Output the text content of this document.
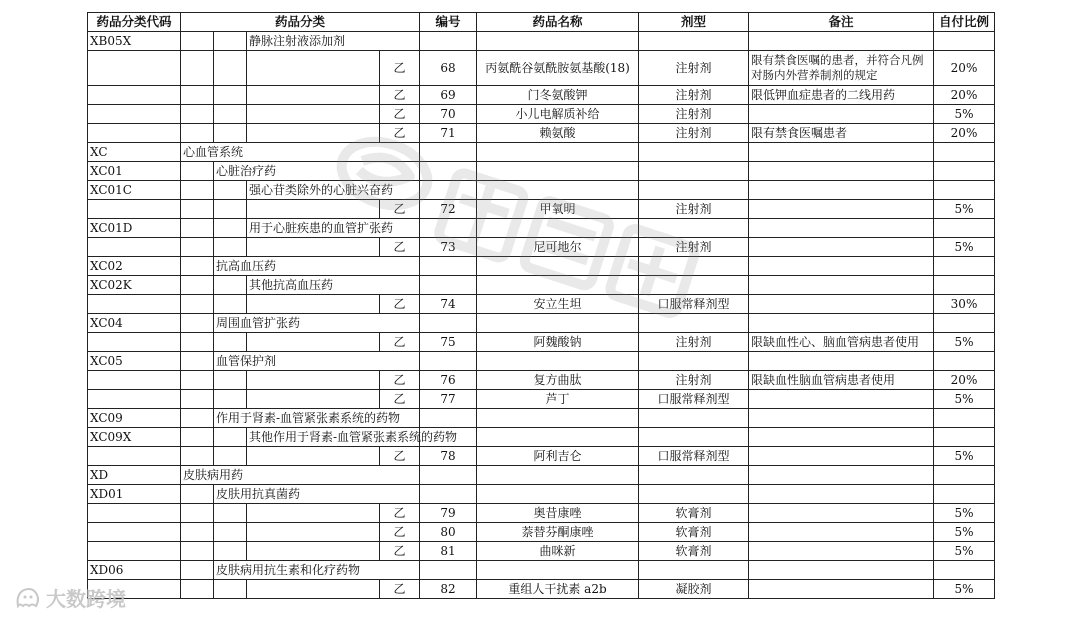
药品分类代码	药品分类				编号	药品名称	剂型	备注	自付比例
XB05X			静脉注射液添加剂						
				乙	68	丙氨酰谷氨酰胺氨基酸(18)	注射剂	限有禁食医嘱的患者，并符合凡例对肠内外营养制剂的规定	20%
				乙	69	门冬氨酸钾	注射剂	限低钾血症患者的二线用药	20%
				乙	70	小儿电解质补给	注射剂		5%
				乙	71	赖氨酸	注射剂	限有禁食医嘱患者	20%
XC	心血管系统								
XC01		心脏治疗药							
XC01C			强心苷类除外的心脏兴奋药						
				乙	72	甲氧明	注射剂		5%
XC01D			用于心脏疾患的血管扩张药						
				乙	73	尼可地尔	注射剂		5%
XC02		抗高血压药							
XC02K			其他抗高血压药						
				乙	74	安立生坦	口服常释剂型		30%
XC04		周围血管扩张药							
				乙	75	阿魏酸钠	注射剂	限缺血性心、脑血管病患者使用	5%
XC05		血管保护剂							
				乙	76	复方曲肽	注射剂	限缺血性脑血管病患者使用	20%
				乙	77	芦丁	口服常释剂型		5%
XC09		作用于肾素-血管紧张素系统的药物							
XC09X			其他作用于肾素-血管紧张素系统的药物						
				乙	78	阿利吉仑	口服常释剂型		5%
XD	皮肤病用药								
XD01		皮肤用抗真菌药							
				乙	79	奥昔康唑	软膏剂		5%
				乙	80	萘替芬酮康唑	软膏剂		5%
				乙	81	曲咪新	软膏剂		5%
XD06		皮肤病用抗生素和化疗药物							
				乙	82	重组人干扰素 a2b	凝胶剂		5%
大数跨境
